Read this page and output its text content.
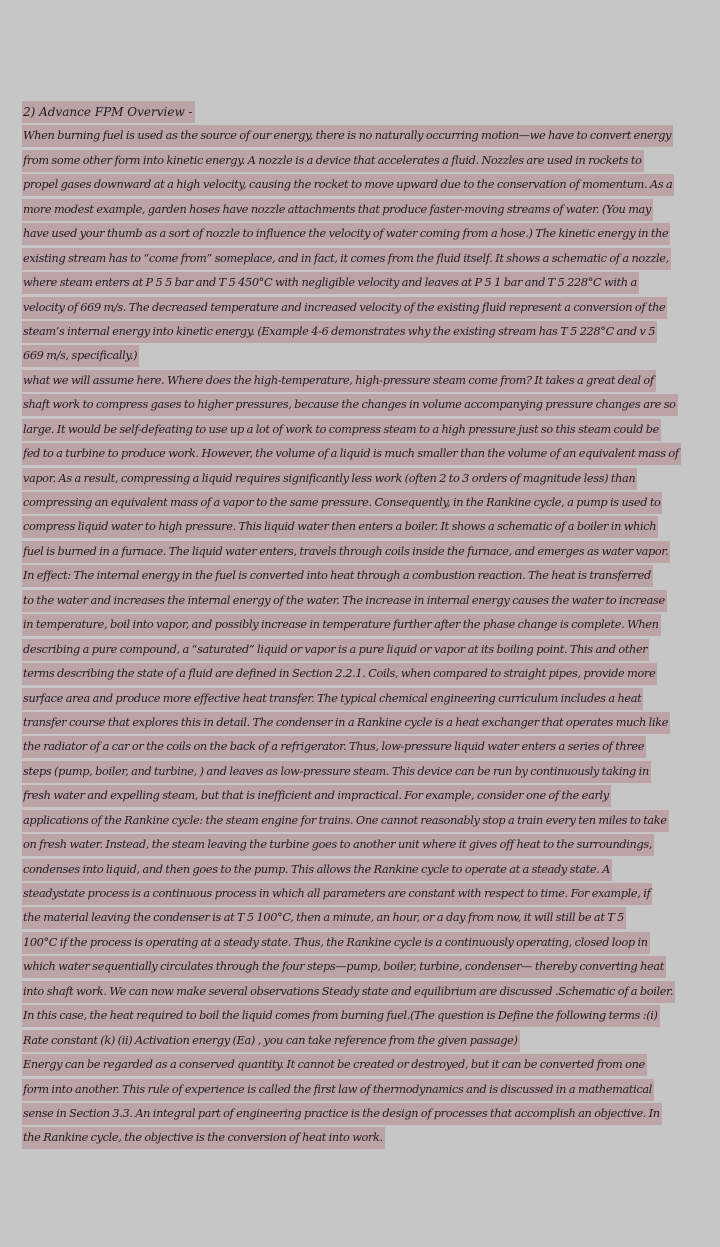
2) Advance FPM Overview -
When burning fuel is used as the source of our energy, there is no naturally occurring motion—we have to convert energy
from some other form into kinetic energy. A nozzle is a device that accelerates a fluid. Nozzles are used in rockets to
propel gases downward at a high velocity, causing the rocket to move upward due to the conservation of momentum. As a
more modest example, garden hoses have nozzle attachments that produce faster-moving streams of water. (You may
have used your thumb as a sort of nozzle to influence the velocity of water coming from a hose.) The kinetic energy in the
existing stream has to “come from” someplace, and in fact, it comes from the fluid itself. It shows a schematic of a nozzle,
where steam enters at P 5 5 bar and T 5 450°C with negligible velocity and leaves at P 5 1 bar and T 5 228°C with a
velocity of 669 m/s. The decreased temperature and increased velocity of the existing fluid represent a conversion of the
steam’s internal energy into kinetic energy. (Example 4-6 demonstrates why the existing stream has T 5 228°C and v 5
669 m/s, specifically.)
what we will assume here. Where does the high-temperature, high-pressure steam come from? It takes a great deal of
shaft work to compress gases to higher pressures, because the changes in volume accompanying pressure changes are so
large. It would be self-defeating to use up a lot of work to compress steam to a high pressure just so this steam could be
fed to a turbine to produce work. However, the volume of a liquid is much smaller than the volume of an equivalent mass of
vapor. As a result, compressing a liquid requires significantly less work (often 2 to 3 orders of magnitude less) than
compressing an equivalent mass of a vapor to the same pressure. Consequently, in the Rankine cycle, a pump is used to
compress liquid water to high pressure. This liquid water then enters a boiler. It shows a schematic of a boiler in which
fuel is burned in a furnace. The liquid water enters, travels through coils inside the furnace, and emerges as water vapor.
In effect: The internal energy in the fuel is converted into heat through a combustion reaction. The heat is transferred
to the water and increases the internal energy of the water. The increase in internal energy causes the water to increase
in temperature, boil into vapor, and possibly increase in temperature further after the phase change is complete. When
describing a pure compound, a “saturated” liquid or vapor is a pure liquid or vapor at its boiling point. This and other
terms describing the state of a fluid are defined in Section 2.2.1. Coils, when compared to straight pipes, provide more
surface area and produce more effective heat transfer. The typical chemical engineering curriculum includes a heat
transfer course that explores this in detail. The condenser in a Rankine cycle is a heat exchanger that operates much like
the radiator of a car or the coils on the back of a refrigerator. Thus, low-pressure liquid water enters a series of three
steps (pump, boiler, and turbine, ) and leaves as low-pressure steam. This device can be run by continuously taking in
fresh water and expelling steam, but that is inefficient and impractical. For example, consider one of the early
applications of the Rankine cycle: the steam engine for trains. One cannot reasonably stop a train every ten miles to take
on fresh water. Instead, the steam leaving the turbine goes to another unit where it gives off heat to the surroundings,
condenses into liquid, and then goes to the pump. This allows the Rankine cycle to operate at a steady state. A
steadystate process is a continuous process in which all parameters are constant with respect to time. For example, if
the material leaving the condenser is at T 5 100°C, then a minute, an hour, or a day from now, it will still be at T 5
100°C if the process is operating at a steady state. Thus, the Rankine cycle is a continuously operating, closed loop in
which water sequentially circulates through the four steps—pump, boiler, turbine, condenser— thereby converting heat
into shaft work. We can now make several observations Steady state and equilibrium are discussed .Schematic of a boiler.
In this case, the heat required to boil the liquid comes from burning fuel.(The question is Define the following terms :(i)
Rate constant (k) (ii) Activation energy (Ea) , you can take reference from the given passage)
Energy can be regarded as a conserved quantity. It cannot be created or destroyed, but it can be converted from one
form into another. This rule of experience is called the first law of thermodynamics and is discussed in a mathematical
sense in Section 3.3. An integral part of engineering practice is the design of processes that accomplish an objective. In
the Rankine cycle, the objective is the conversion of heat into work.
